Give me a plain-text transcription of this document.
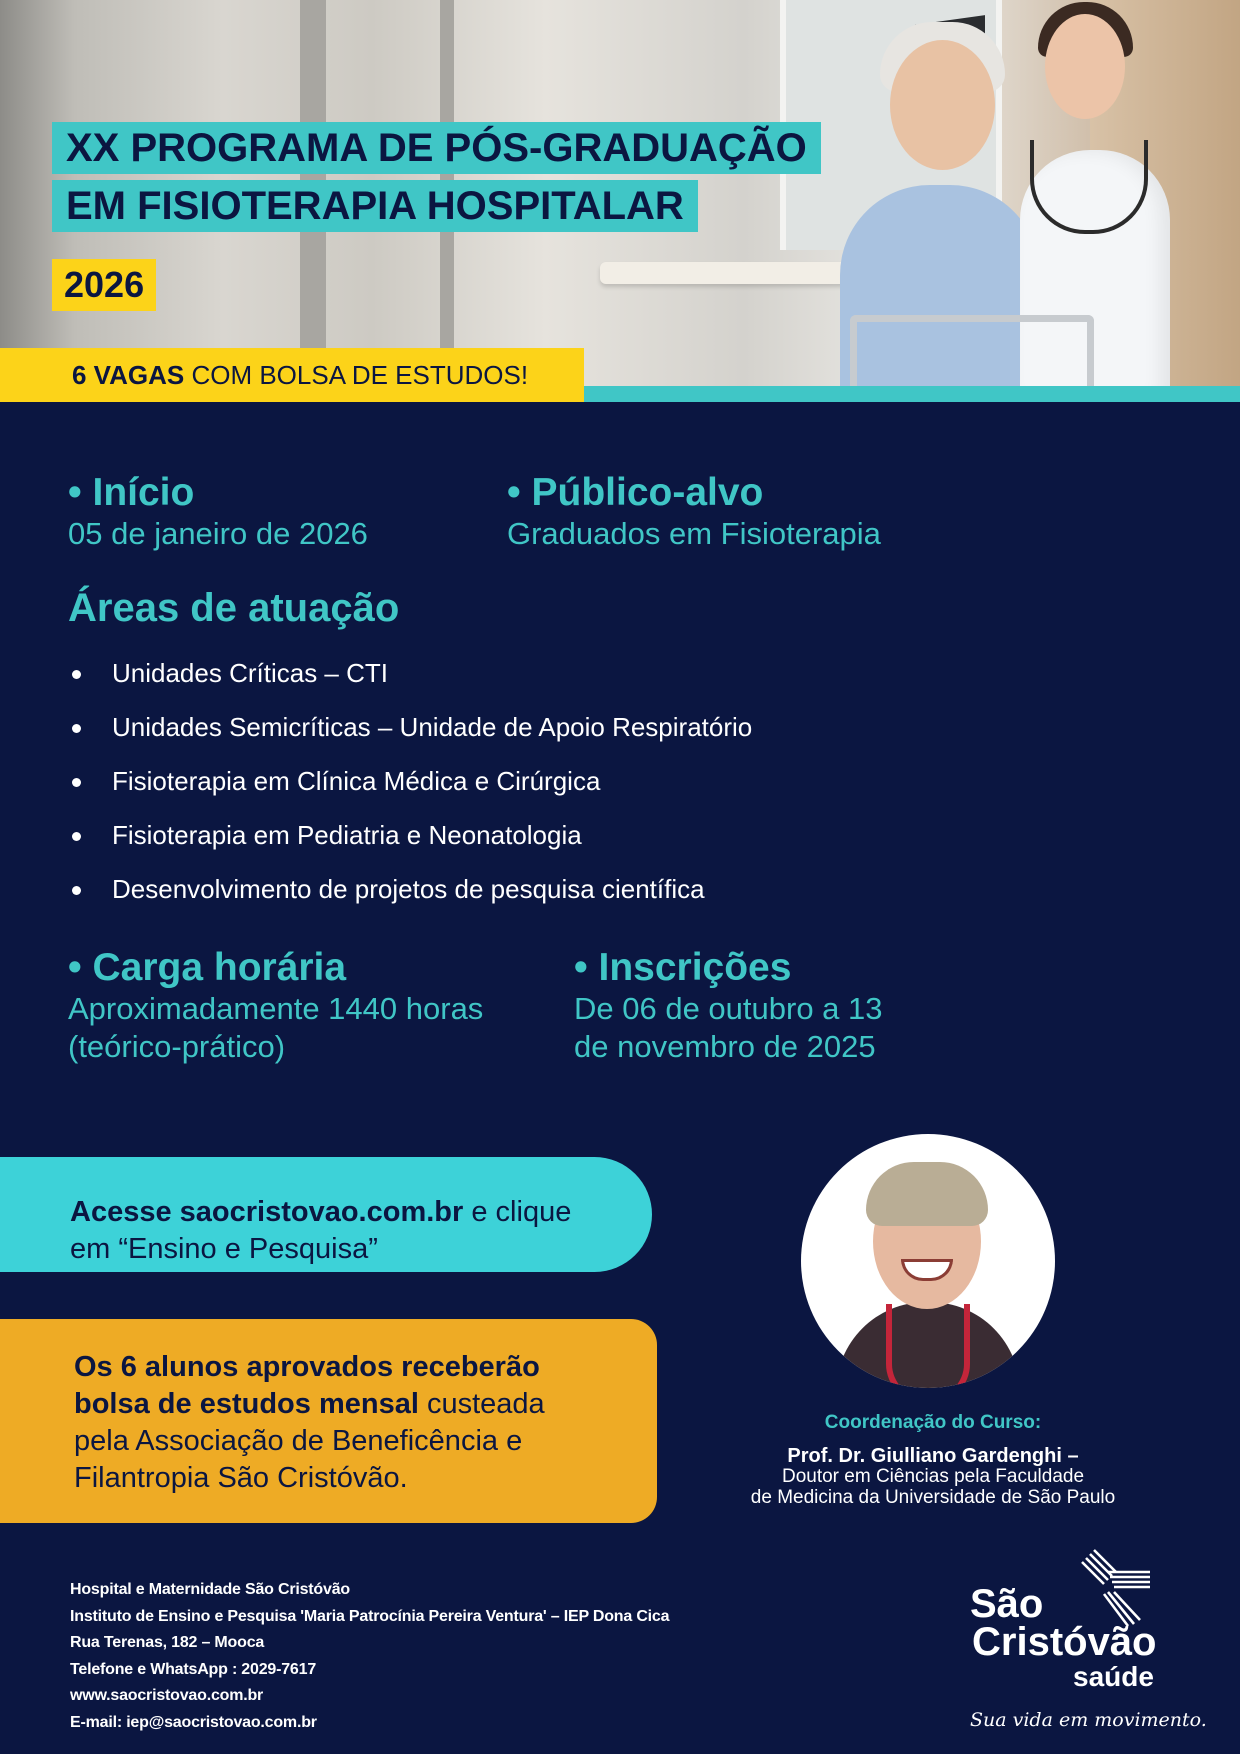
XX PROGRAMA DE PÓS-GRADUAÇÃO
EM FISIOTERAPIA HOSPITALAR
2026
6 VAGAS COM BOLSA DE ESTUDOS!
• Início
05 de janeiro de 2026
• Público-alvo
Graduados em Fisioterapia
Áreas de atuação
Unidades Críticas – CTI
Unidades Semicríticas – Unidade de Apoio Respiratório
Fisioterapia em Clínica Médica e Cirúrgica
Fisioterapia em Pediatria e Neonatologia
Desenvolvimento de projetos de pesquisa científica
• Carga horária
Aproximadamente 1440 horas
(teórico-prático)
• Inscrições
De 06 de outubro a 13
de novembro de 2025
Acesse saocristovao.com.br e clique
em “Ensino e Pesquisa”
Os 6 alunos aprovados receberão
bolsa de estudos mensal custeada
pela Associação de Beneficência e
Filantropia São Cristóvão.
Coordenação do Curso:
Prof. Dr. Giulliano Gardenghi –
Doutor em Ciências pela Faculdade
de Medicina da Universidade de São Paulo
Hospital e Maternidade São Cristóvão
Instituto de Ensino e Pesquisa 'Maria Patrocínia Pereira Ventura' – IEP Dona Cica
Rua Terenas, 182 – Mooca
Telefone e WhatsApp : 2029-7617
www.saocristovao.com.br
E-mail: iep@saocristovao.com.br
São
Cristóvão
saúde
Sua vida em movimento.
